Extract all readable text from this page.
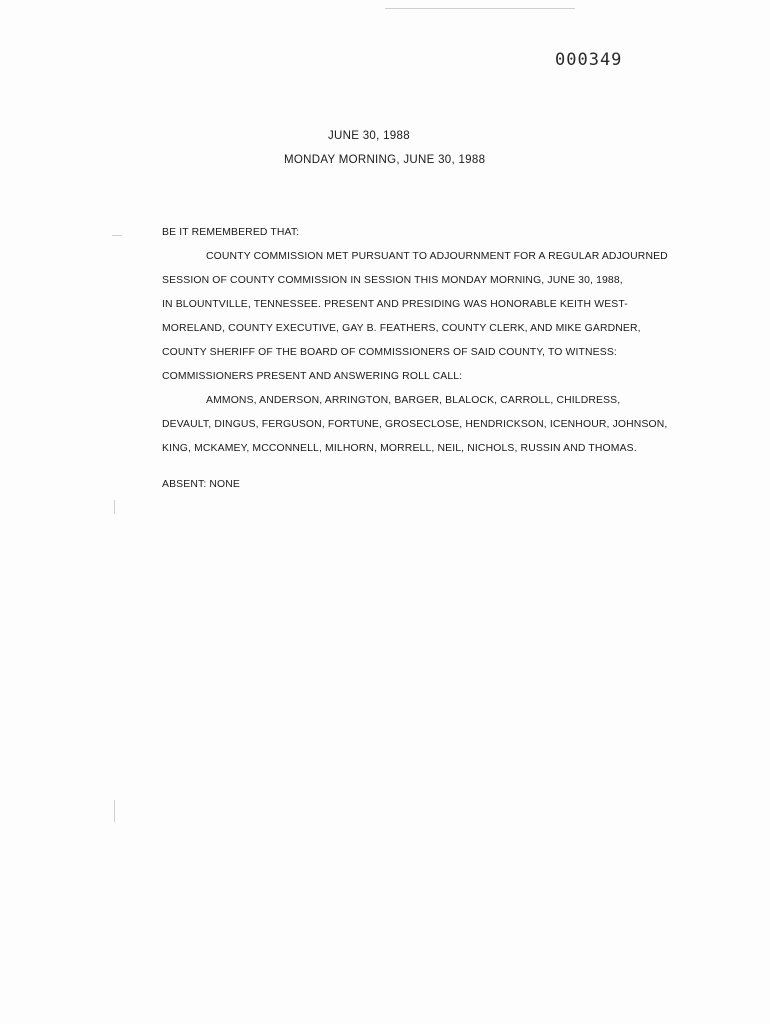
000349
JUNE 30, 1988
MONDAY MORNING, JUNE 30, 1988
BE IT REMEMBERED THAT:
COUNTY COMMISSION MET PURSUANT TO ADJOURNMENT FOR A REGULAR ADJOURNED
SESSION OF COUNTY COMMISSION IN SESSION THIS MONDAY MORNING, JUNE 30, 1988,
IN BLOUNTVILLE, TENNESSEE. PRESENT AND PRESIDING WAS HONORABLE KEITH WEST-
MORELAND, COUNTY EXECUTIVE, GAY B. FEATHERS, COUNTY CLERK, AND MIKE GARDNER,
COUNTY SHERIFF OF THE BOARD OF COMMISSIONERS OF SAID COUNTY, TO WITNESS:
COMMISSIONERS PRESENT AND ANSWERING ROLL CALL:
AMMONS, ANDERSON, ARRINGTON, BARGER, BLALOCK, CARROLL, CHILDRESS,
DEVAULT, DINGUS, FERGUSON, FORTUNE, GROSECLOSE, HENDRICKSON, ICENHOUR, JOHNSON,
KING, MCKAMEY, MCCONNELL, MILHORN, MORRELL, NEIL, NICHOLS, RUSSIN AND THOMAS.
ABSENT: NONE
